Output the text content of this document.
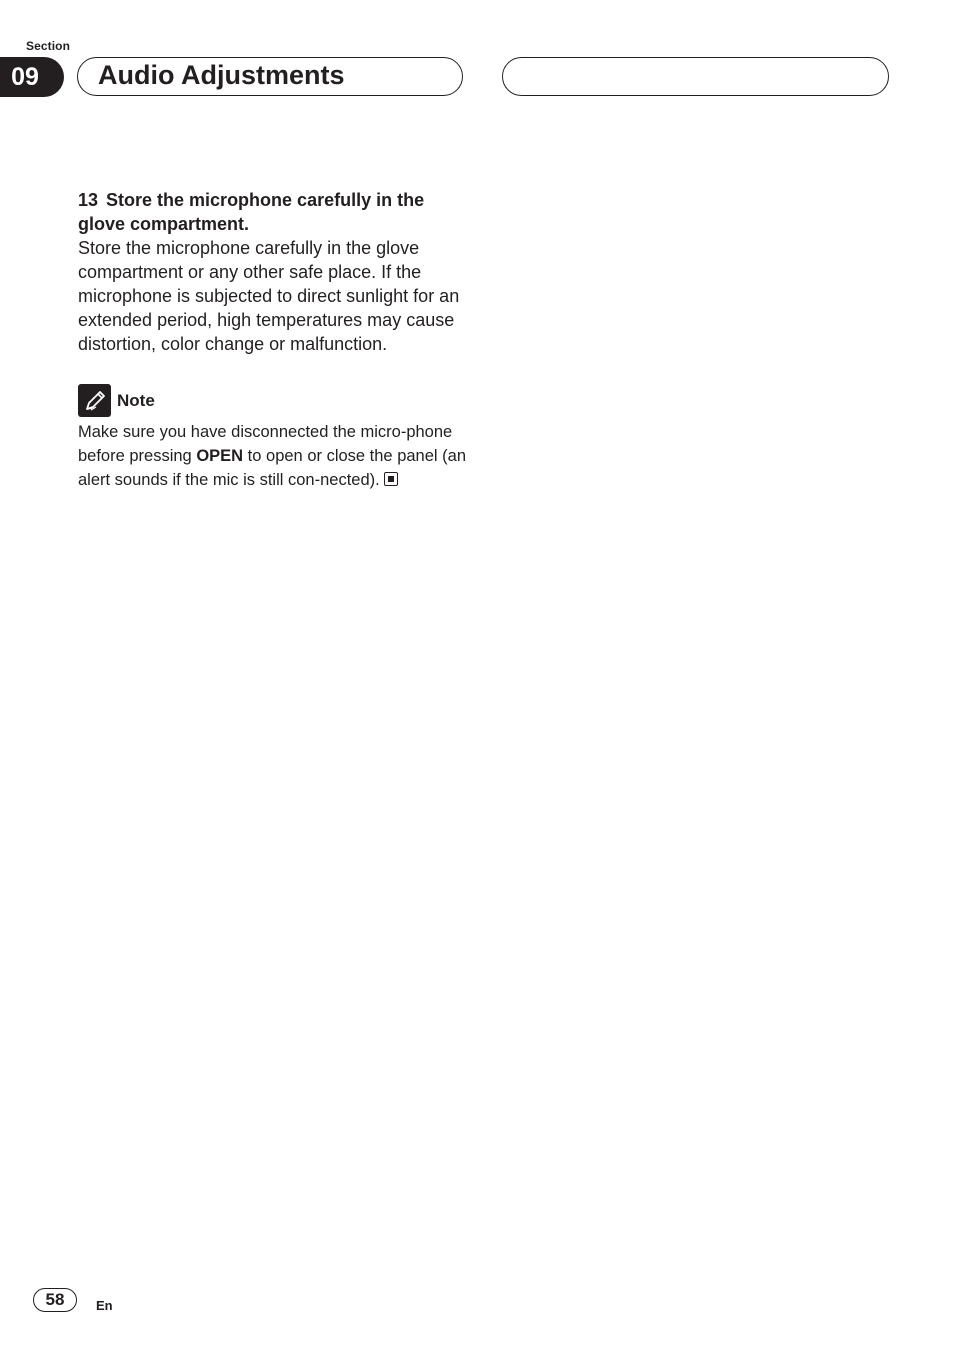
Section
09	Audio Adjustments

13 Store the microphone carefully in the glove compartment.

Store the microphone carefully in the glove compartment or any other safe place. If the microphone is subjected to direct sunlight for an extended period, high temperatures may cause distortion, color change or malfunction.

Note

Make sure you have disconnected the micro-phone before pressing OPEN to open or close the panel (an alert sounds if the mic is still con-nected).

58	En
